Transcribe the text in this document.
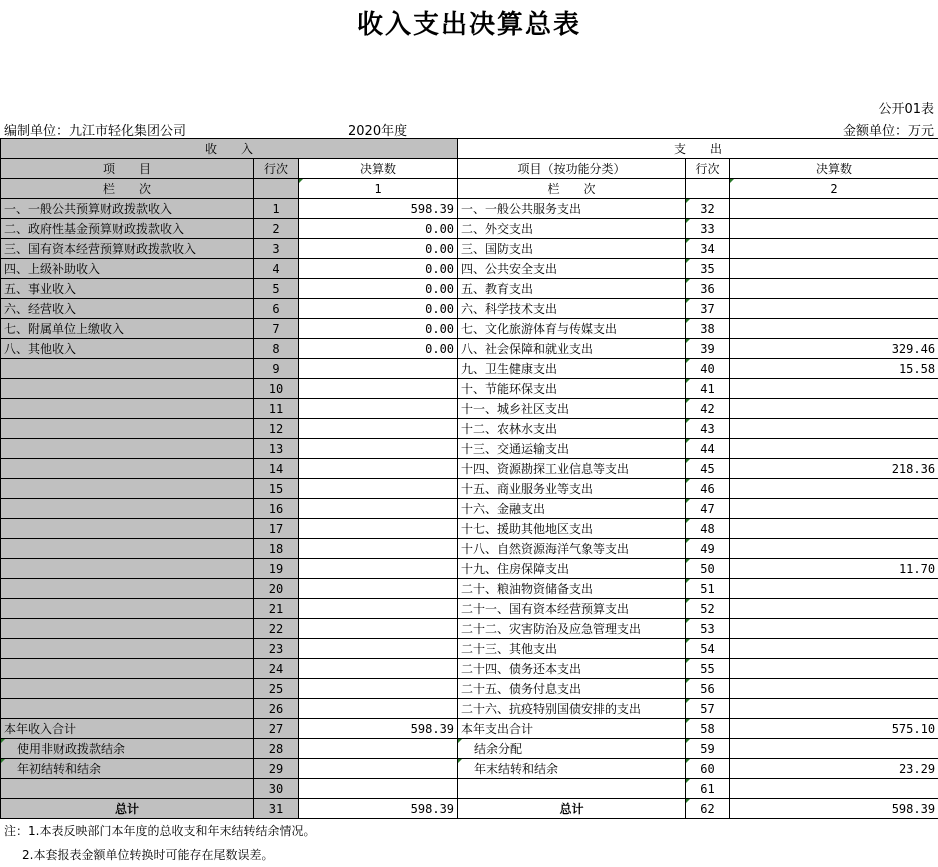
收入支出决算总表
公开01表
编制单位：九江市轻化集团公司	2020年度	金额单位：万元
收　　入			支　　出		
项　　目	行次	决算数	项目（按功能分类）	行次	决算数
栏　　次		1	栏　　次		2
一、一般公共预算财政拨款收入	1	598.39	一、一般公共服务支出	32	
二、政府性基金预算财政拨款收入	2	0.00	二、外交支出	33	
三、国有资本经营预算财政拨款收入	3	0.00	三、国防支出	34	
四、上级补助收入	4	0.00	四、公共安全支出	35	
五、事业收入	5	0.00	五、教育支出	36	
六、经营收入	6	0.00	六、科学技术支出	37	
七、附属单位上缴收入	7	0.00	七、文化旅游体育与传媒支出	38	
八、其他收入	8	0.00	八、社会保障和就业支出	39	329.46
	9		九、卫生健康支出	40	15.58
	10		十、节能环保支出	41	
	11		十一、城乡社区支出	42	
	12		十二、农林水支出	43	
	13		十三、交通运输支出	44	
	14		十四、资源勘探工业信息等支出	45	218.36
	15		十五、商业服务业等支出	46	
	16		十六、金融支出	47	
	17		十七、援助其他地区支出	48	
	18		十八、自然资源海洋气象等支出	49	
	19		十九、住房保障支出	50	11.70
	20		二十、粮油物资储备支出	51	
	21		二十一、国有资本经营预算支出	52	
	22		二十二、灾害防治及应急管理支出	53	
	23		二十三、其他支出	54	
	24		二十四、债务还本支出	55	
	25		二十五、债务付息支出	56	
	26		二十六、抗疫特别国债安排的支出	57	
本年收入合计	27	598.39	本年支出合计	58	575.10
使用非财政拨款结余	28		结余分配	59	
年初结转和结余	29		年末结转和结余	60	23.29
	30			61	
总计	31	598.39	总计	62	598.39
注：1.本表反映部门本年度的总收支和年末结转结余情况。
2.本套报表金额单位转换时可能存在尾数误差。
